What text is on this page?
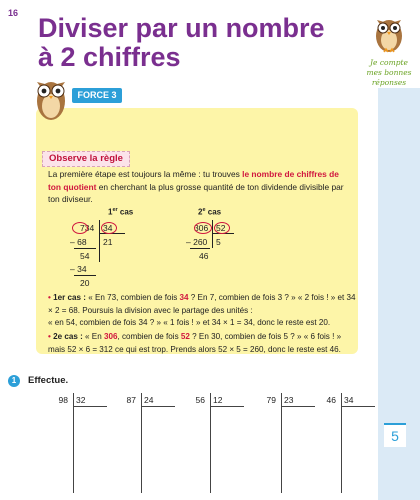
16 Diviser par un nombre
à 2 chiffres	Je compte
mes bonnes
réponses
FORCE 3
Observe la règle
La première étape est toujours la même : tu trouves le nombre de chiffres de ton quotient en cherchant la plus grosse quantité de ton dividende divisible par ton diviseur.
1er cas
734 34
– 68 21
54
– 34
20
2e cas
306 52
– 260 5
46
• 1er cas : « En 73, combien de fois 34 ? En 7, combien de fois 3 ? » « 2 fois ! » et 34 × 2 = 68. Poursuis la division avec le partage des unités :
« en 54, combien de fois 34 ? » « 1 fois ! » et 34 × 1 = 34, donc le reste est 20.
• 2e cas : « En 306, combien de fois 52 ? En 30, combien de fois 5 ? » « 6 fois ! » mais 52 × 6 = 312 ce qui est trop. Prends alors 52 × 5 = 260, donc le reste est 46.
1	Effectue.
98 32	87 24	56 12	79 23	46 34
5
